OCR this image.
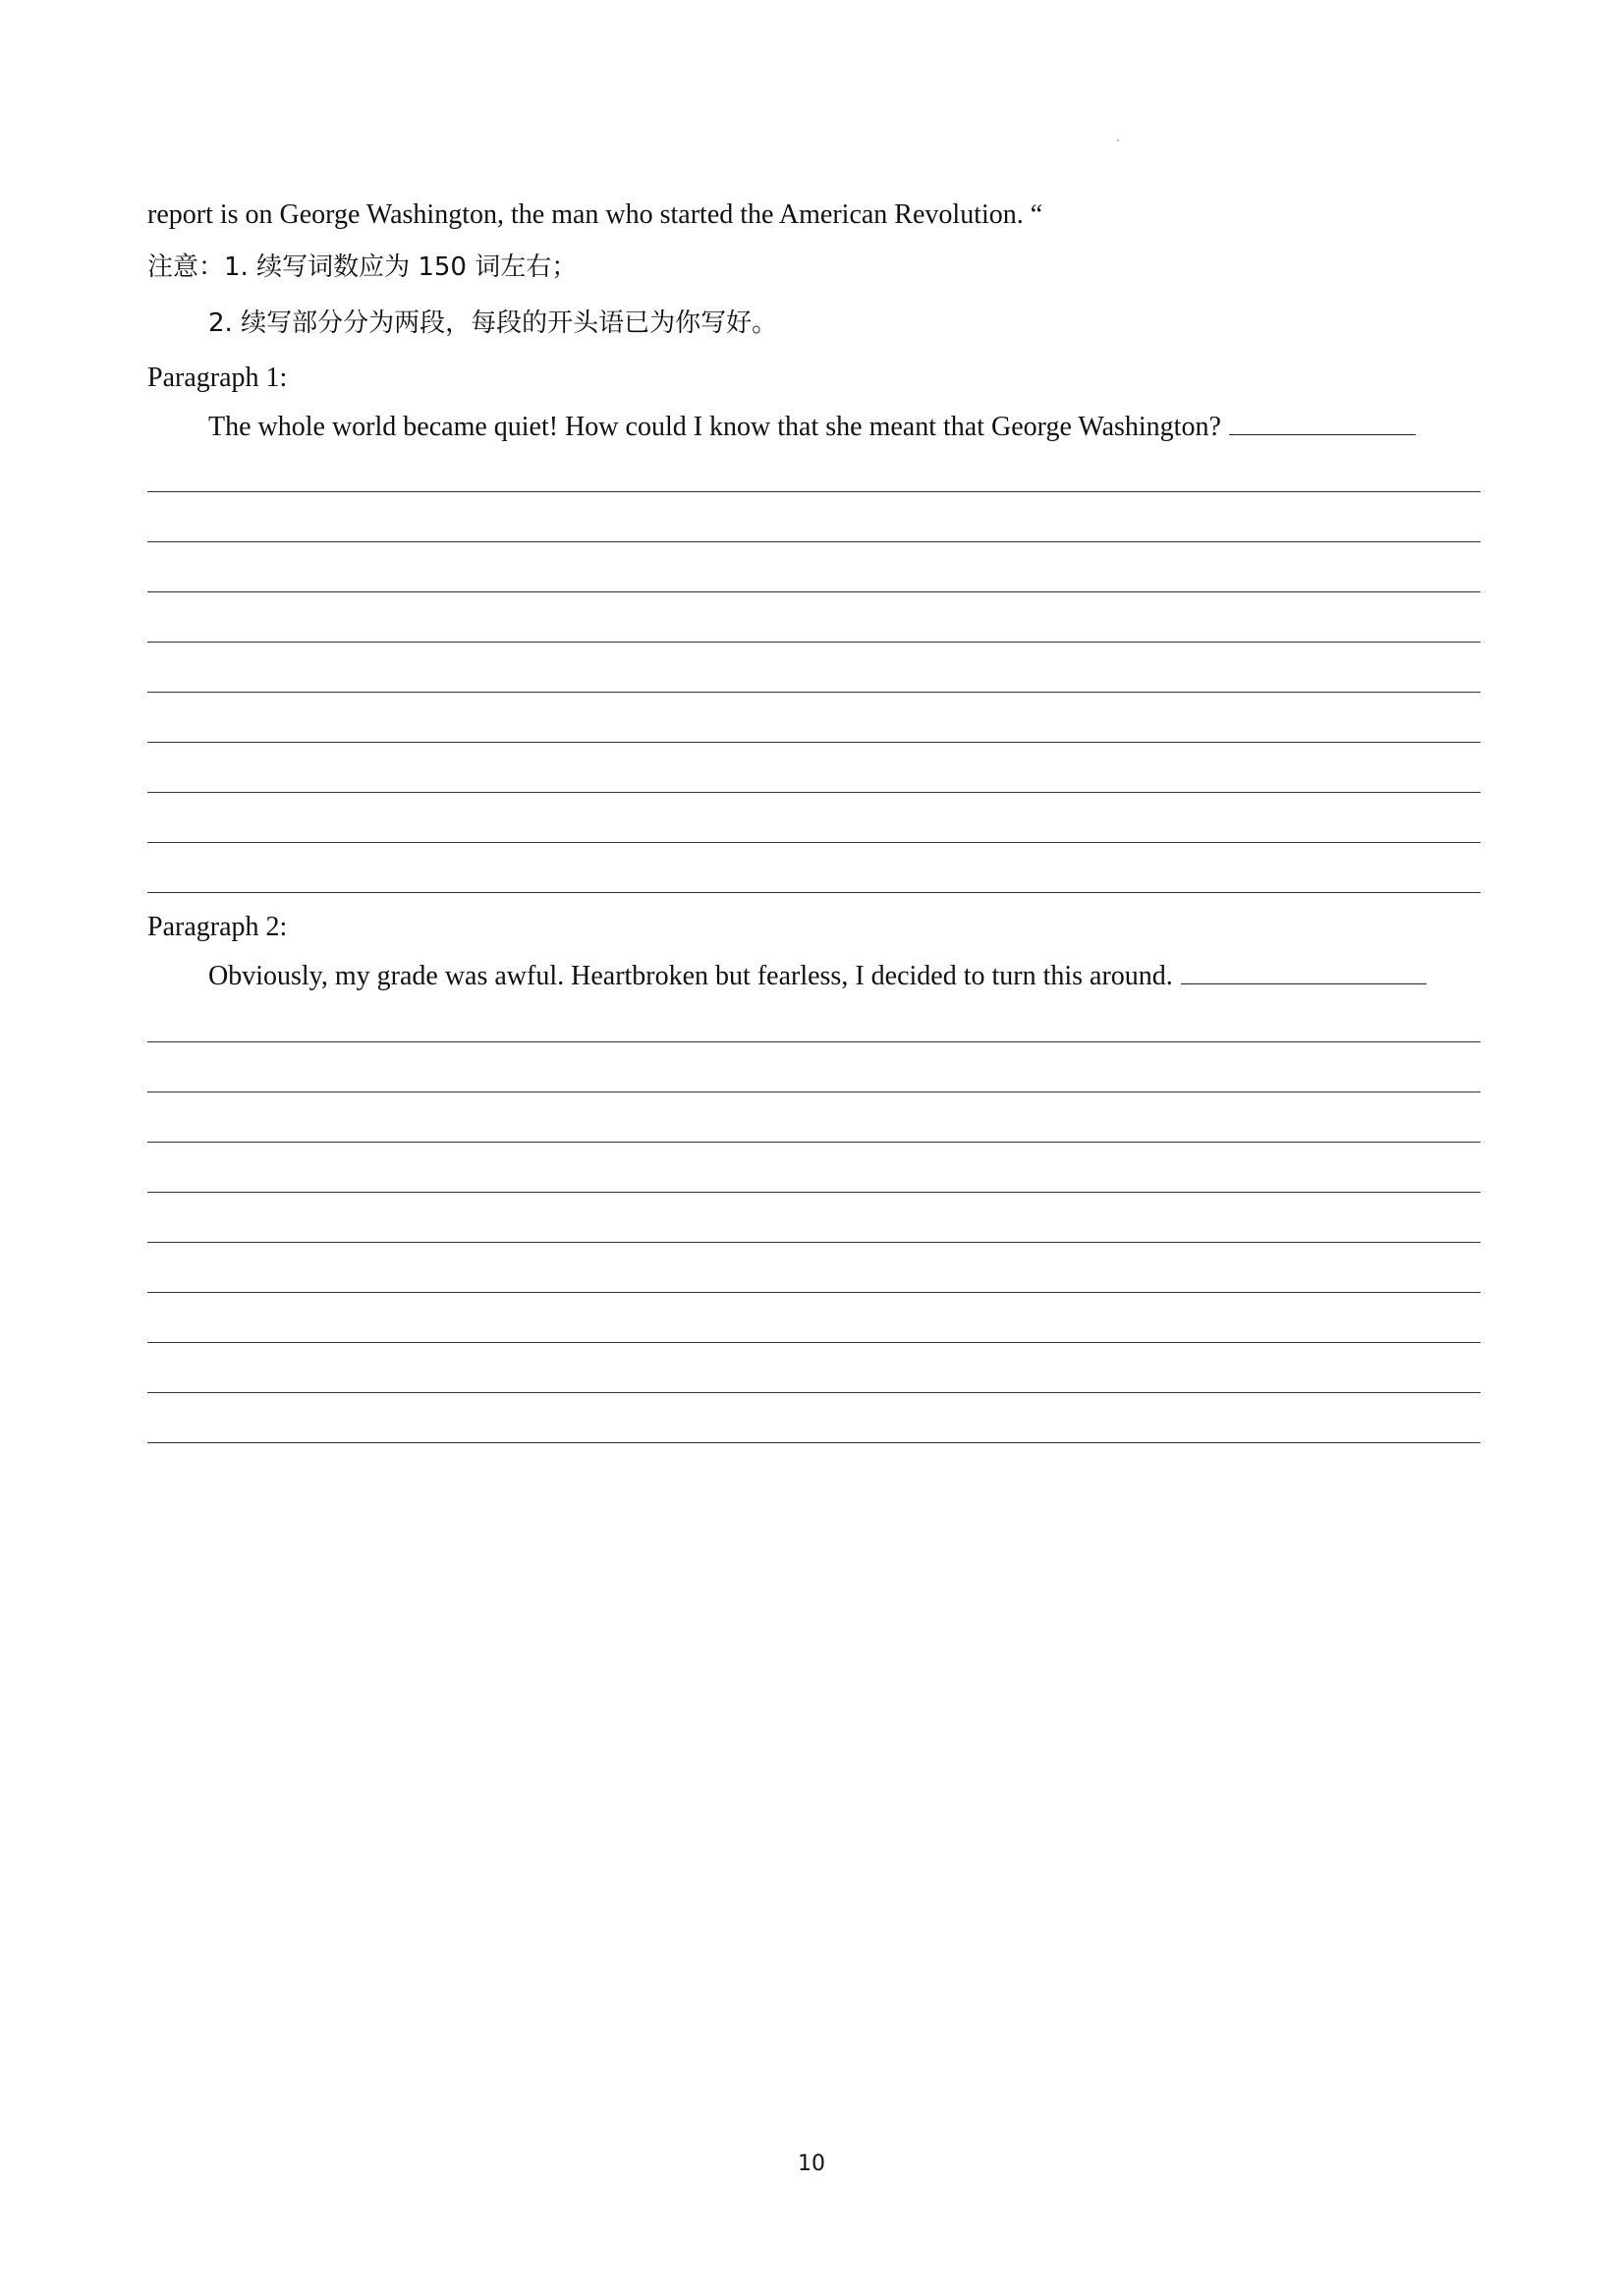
report is on George Washington, the man who started the American Revolution. “
注意：1. 续写词数应为 150 词左右；
2. 续写部分分为两段，每段的开头语已为你写好。
Paragraph 1:
The whole world became quiet! How could I know that she meant that George Washington?
Paragraph 2:
Obviously, my grade was awful. Heartbroken but fearless, I decided to turn this around.
10
